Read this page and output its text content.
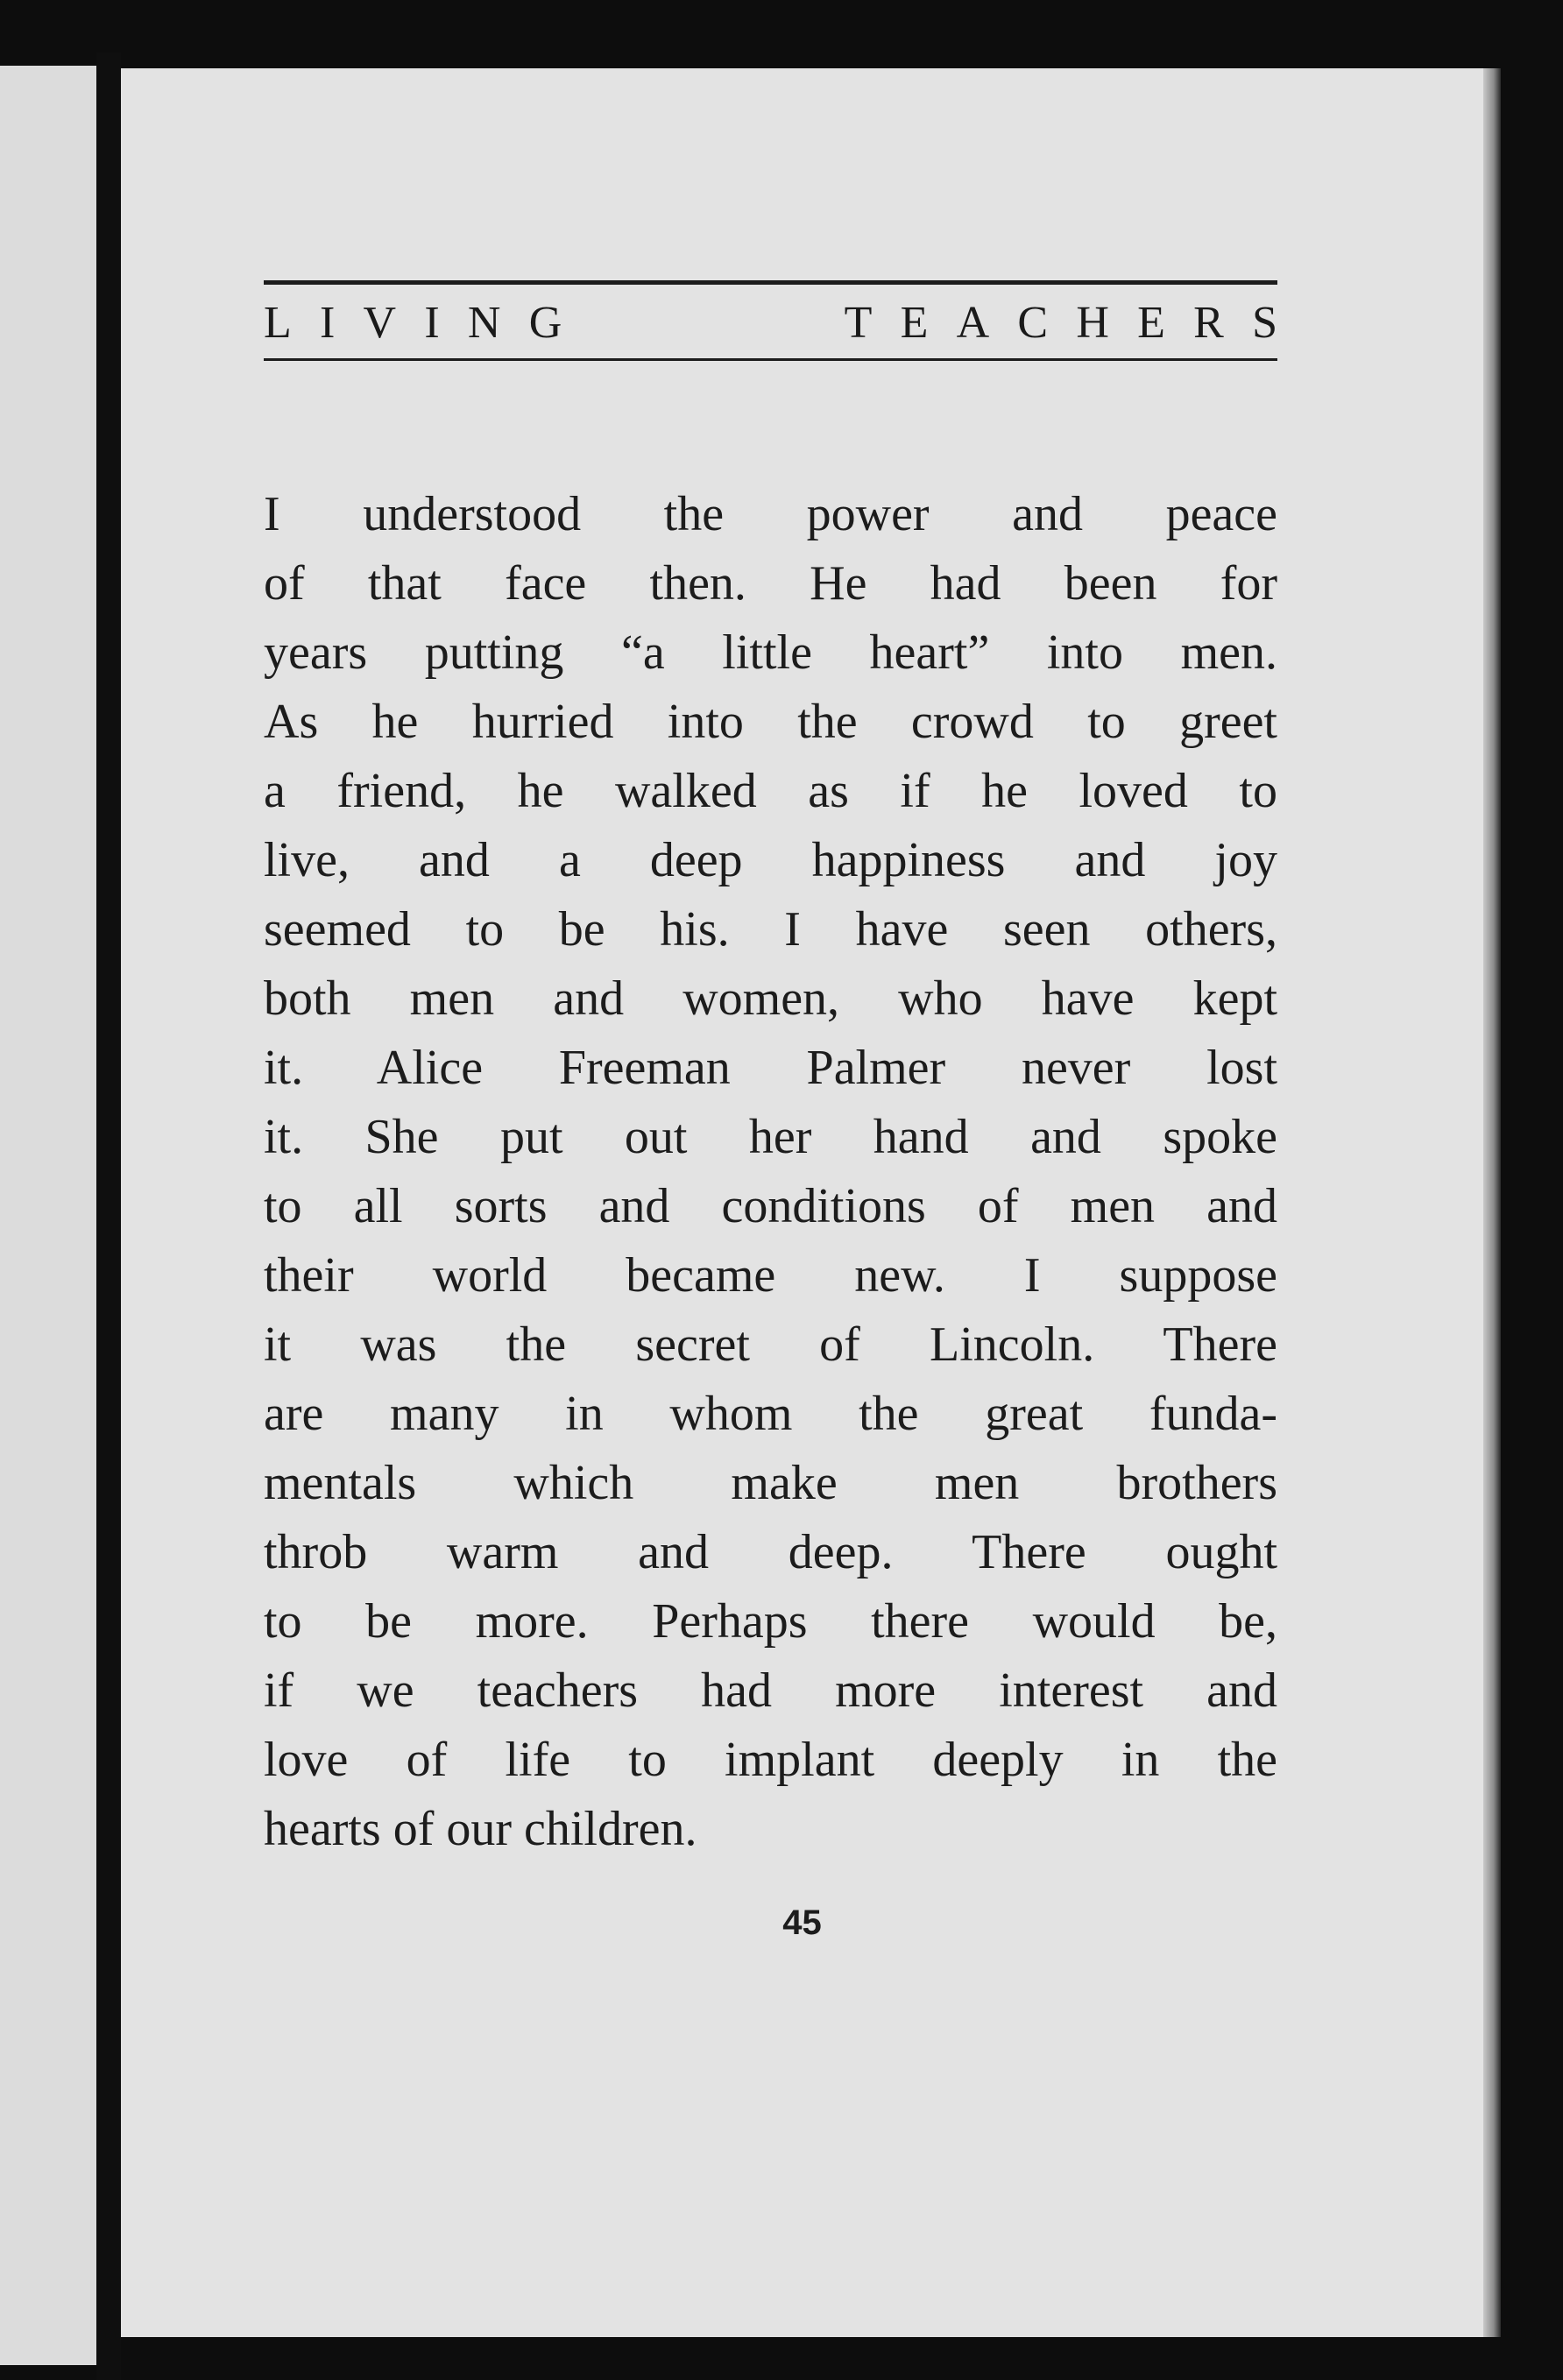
LIVING	TEACHERS
I understood the power and peace
of that face then. He had been for
years putting “a little heart” into men.
As he hurried into the crowd to greet
a friend, he walked as if he loved to
live, and a deep happiness and joy
seemed to be his. I have seen others,
both men and women, who have kept
it. Alice Freeman Palmer never lost
it. She put out her hand and spoke
to all sorts and conditions of men and
their world became new. I suppose
it was the secret of Lincoln. There
are many in whom the great funda-
mentals which make men brothers
throb warm and deep. There ought
to be more. Perhaps there would be,
if we teachers had more interest and
love of life to implant deeply in the
hearts of our children.
45
